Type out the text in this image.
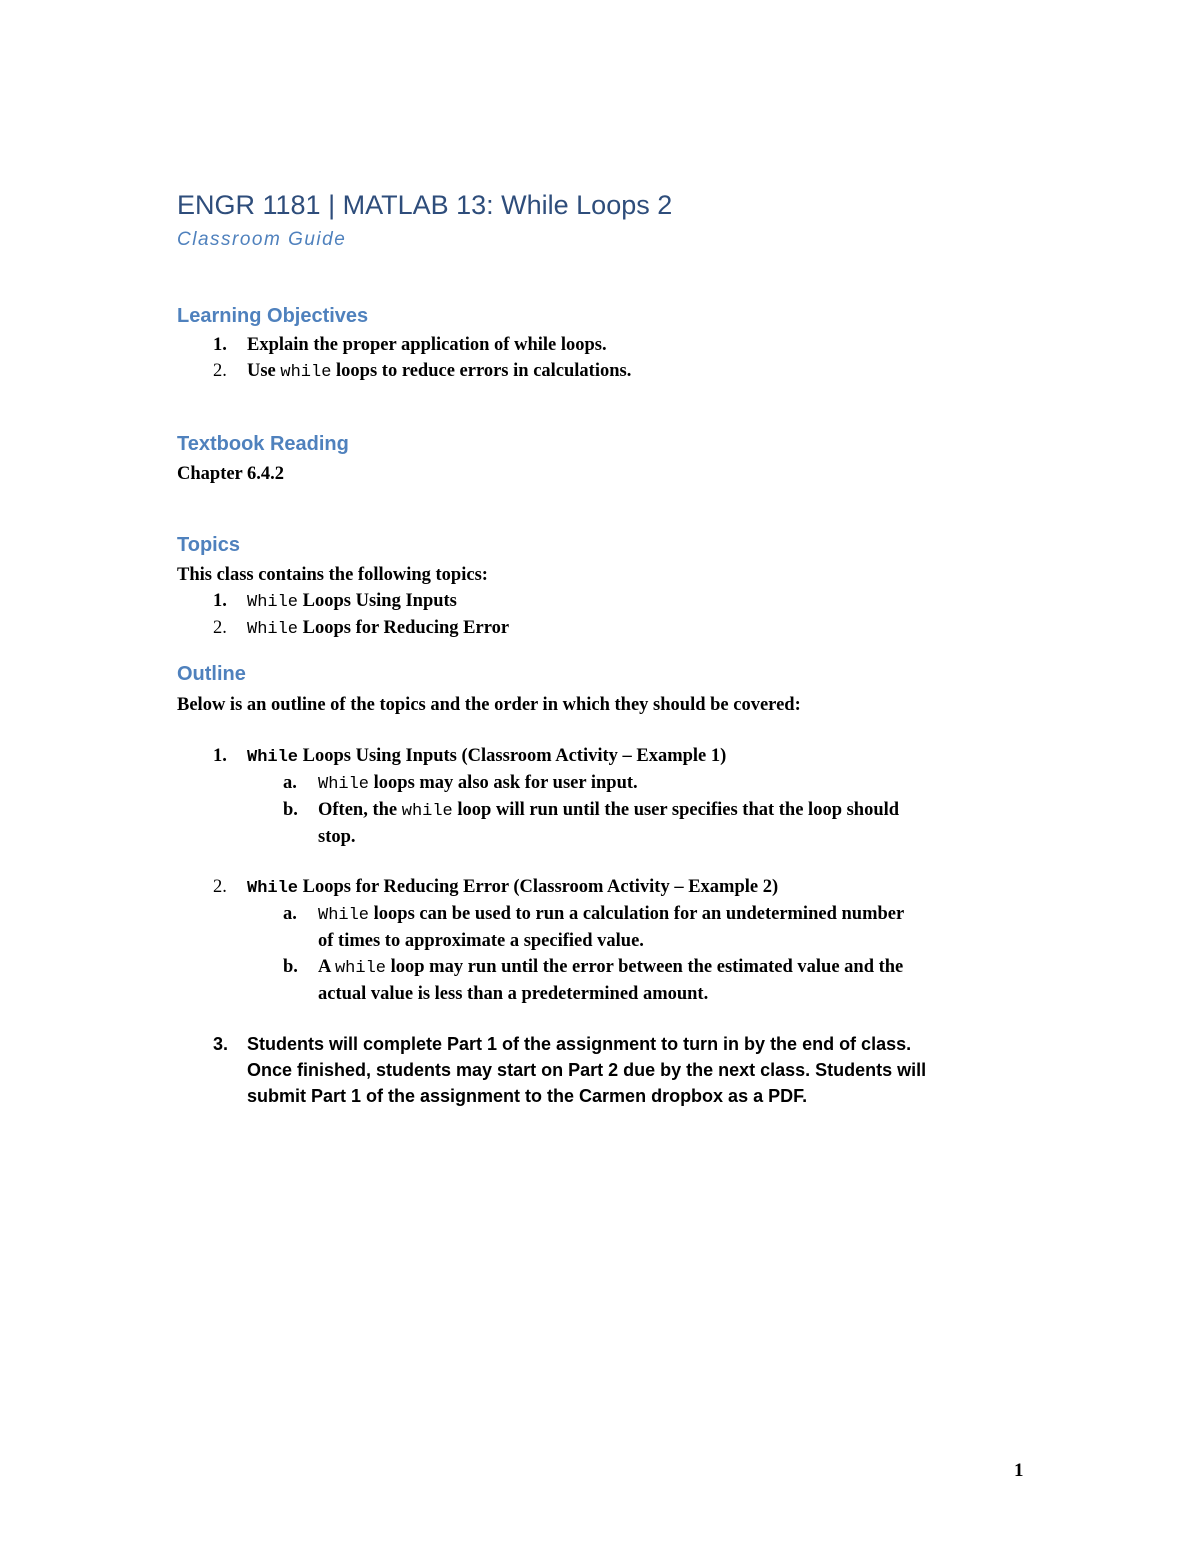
ENGR 1181 | MATLAB 13: While Loops 2
Classroom Guide
Learning Objectives
1. Explain the proper application of while loops.
2. Use while loops to reduce errors in calculations.
Textbook Reading
Chapter 6.4.2
Topics
This class contains the following topics:
1. While Loops Using Inputs
2. While Loops for Reducing Error
Outline
Below is an outline of the topics and the order in which they should be covered:
1. While Loops Using Inputs (Classroom Activity – Example 1)
a. While loops may also ask for user input.
b. Often, the while loop will run until the user specifies that the loop should
stop.
2. While Loops for Reducing Error (Classroom Activity – Example 2)
a. While loops can be used to run a calculation for an undetermined number
of times to approximate a specified value.
b. A while loop may run until the error between the estimated value and the
actual value is less than a predetermined amount.
3. Students will complete Part 1 of the assignment to turn in by the end of class.
Once finished, students may start on Part 2 due by the next class. Students will
submit Part 1 of the assignment to the Carmen dropbox as a PDF.
1
